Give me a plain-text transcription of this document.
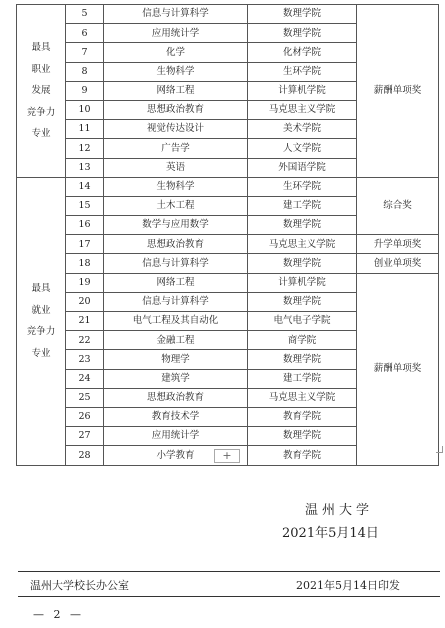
最具
职业
发展
竞争力
专业	5	信息与计算科学	数理学院	薪酬单项奖
	6	应用统计学	数理学院	
	7	化学	化材学院	
	8	生物科学	生环学院	
	9	网络工程	计算机学院	
	10	思想政治教育	马克思主义学院	
	11	视觉传达设计	美术学院	
	12	广告学	人文学院	
	13	英语	外国语学院	

最具
就业
竞争力
专业	14	生物科学	生环学院	综合奖
	15	土木工程	建工学院	
	16	数学与应用数学	数理学院	
	17	思想政治教育	马克思主义学院	升学单项奖
	18	信息与计算科学	数理学院	创业单项奖
	19	网络工程	计算机学院	薪酬单项奖
	20	信息与计算科学	数理学院	
	21	电气工程及其自动化	电气电子学院	
	22	金融工程	商学院	
	23	物理学	数理学院	
	24	建筑学	建工学院	
	25	思想政治教育	马克思主义学院	
	26	教育技术学	教育学院	
	27	应用统计学	数理学院	
	28	小学教育	教育学院	
+
温州大学
2021年5月14日
温州大学校长办公室	2021年5月14日印发
— 2 —
